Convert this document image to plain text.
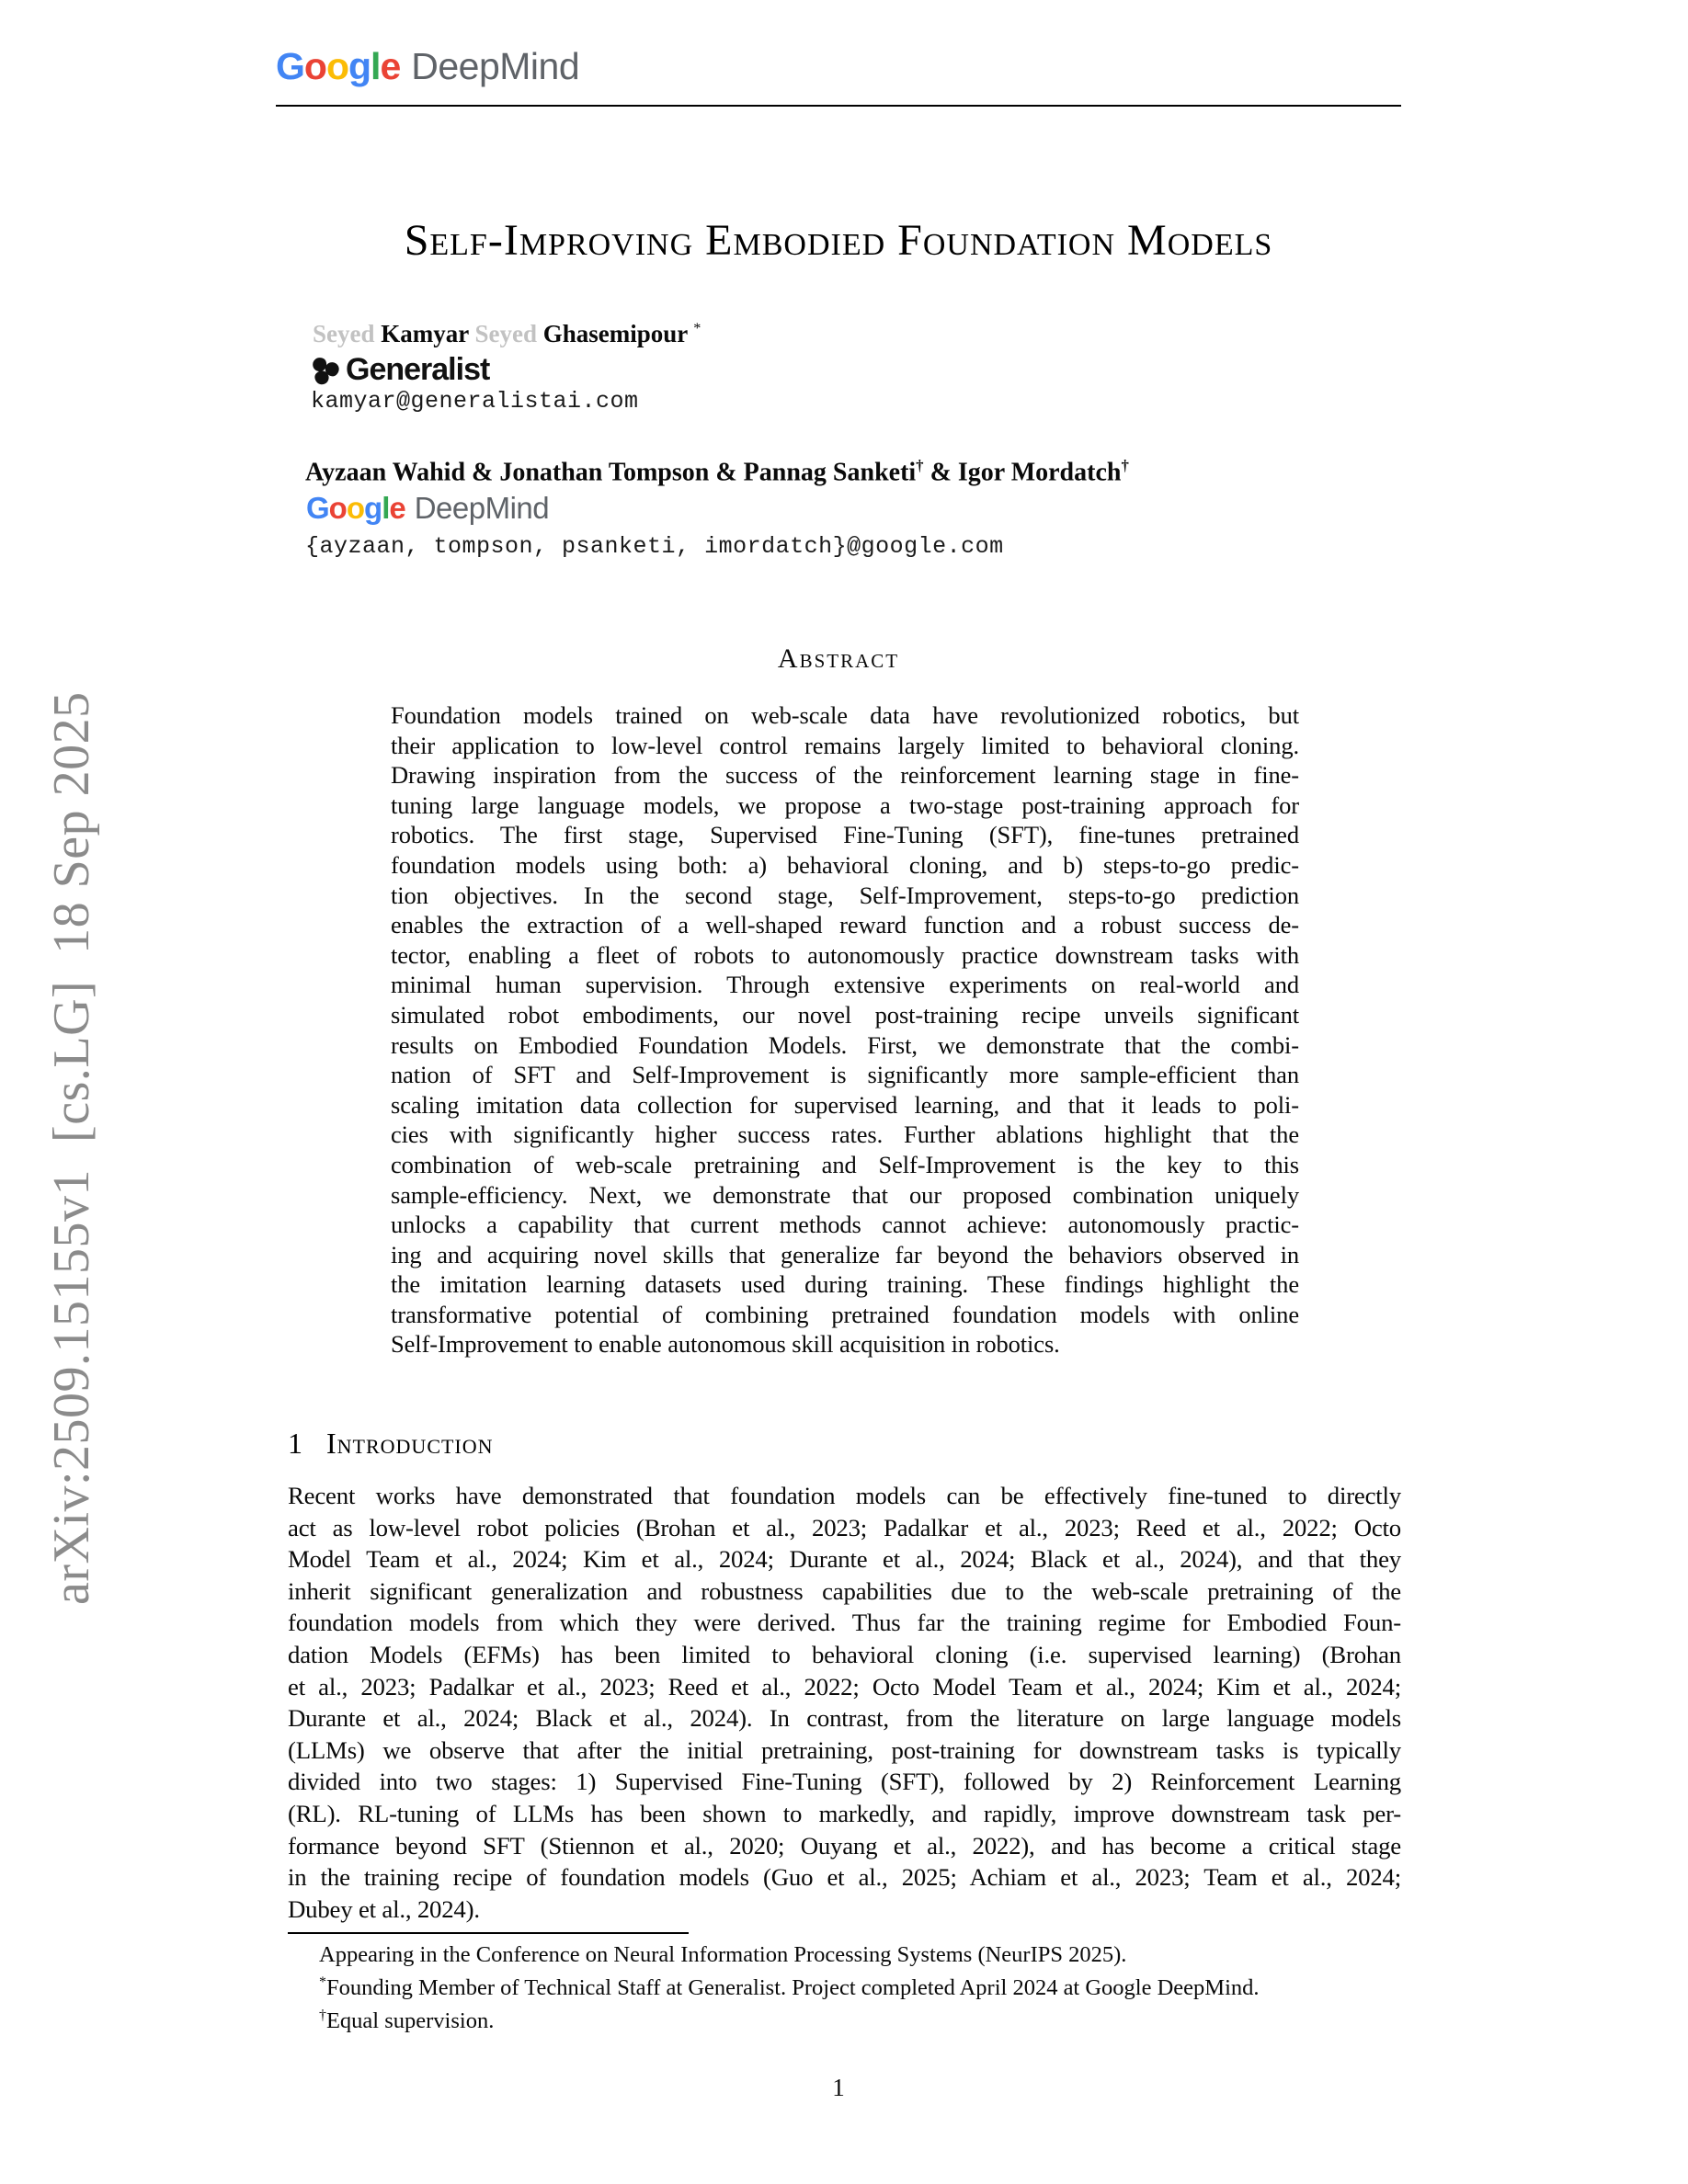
arXiv:2509.15155v1  [cs.LG]  18 Sep 2025
Google DeepMind
Self-Improving Embodied Foundation Models
Seyed Kamyar Seyed Ghasemipour *
Generalist
kamyar@generalistai.com
Ayzaan Wahid & Jonathan Tompson & Pannag Sanketi† & Igor Mordatch†
Google DeepMind
{ayzaan, tompson, psanketi, imordatch}@google.com
Abstract
Foundation models trained on web-scale data have revolutionized robotics, but
their application to low-level control remains largely limited to behavioral cloning.
Drawing inspiration from the success of the reinforcement learning stage in fine-
tuning large language models, we propose a two-stage post-training approach for
robotics. The first stage, Supervised Fine-Tuning (SFT), fine-tunes pretrained
foundation models using both: a) behavioral cloning, and b) steps-to-go predic-
tion objectives. In the second stage, Self-Improvement, steps-to-go prediction
enables the extraction of a well-shaped reward function and a robust success de-
tector, enabling a fleet of robots to autonomously practice downstream tasks with
minimal human supervision. Through extensive experiments on real-world and
simulated robot embodiments, our novel post-training recipe unveils significant
results on Embodied Foundation Models. First, we demonstrate that the combi-
nation of SFT and Self-Improvement is significantly more sample-efficient than
scaling imitation data collection for supervised learning, and that it leads to poli-
cies with significantly higher success rates. Further ablations highlight that the
combination of web-scale pretraining and Self-Improvement is the key to this
sample-efficiency. Next, we demonstrate that our proposed combination uniquely
unlocks a capability that current methods cannot achieve: autonomously practic-
ing and acquiring novel skills that generalize far beyond the behaviors observed in
the imitation learning datasets used during training. These findings highlight the
transformative potential of combining pretrained foundation models with online
Self-Improvement to enable autonomous skill acquisition in robotics.
1 Introduction
Recent works have demonstrated that foundation models can be effectively fine-tuned to directly
act as low-level robot policies (Brohan et al., 2023; Padalkar et al., 2023; Reed et al., 2022; Octo
Model Team et al., 2024; Kim et al., 2024; Durante et al., 2024; Black et al., 2024), and that they
inherit significant generalization and robustness capabilities due to the web-scale pretraining of the
foundation models from which they were derived. Thus far the training regime for Embodied Foun-
dation Models (EFMs) has been limited to behavioral cloning (i.e. supervised learning) (Brohan
et al., 2023; Padalkar et al., 2023; Reed et al., 2022; Octo Model Team et al., 2024; Kim et al., 2024;
Durante et al., 2024; Black et al., 2024). In contrast, from the literature on large language models
(LLMs) we observe that after the initial pretraining, post-training for downstream tasks is typically
divided into two stages: 1) Supervised Fine-Tuning (SFT), followed by 2) Reinforcement Learning
(RL). RL-tuning of LLMs has been shown to markedly, and rapidly, improve downstream task per-
formance beyond SFT (Stiennon et al., 2020; Ouyang et al., 2022), and has become a critical stage
in the training recipe of foundation models (Guo et al., 2025; Achiam et al., 2023; Team et al., 2024;
Dubey et al., 2024).
Appearing in the Conference on Neural Information Processing Systems (NeurIPS 2025).
*Founding Member of Technical Staff at Generalist. Project completed April 2024 at Google DeepMind.
†Equal supervision.
1
